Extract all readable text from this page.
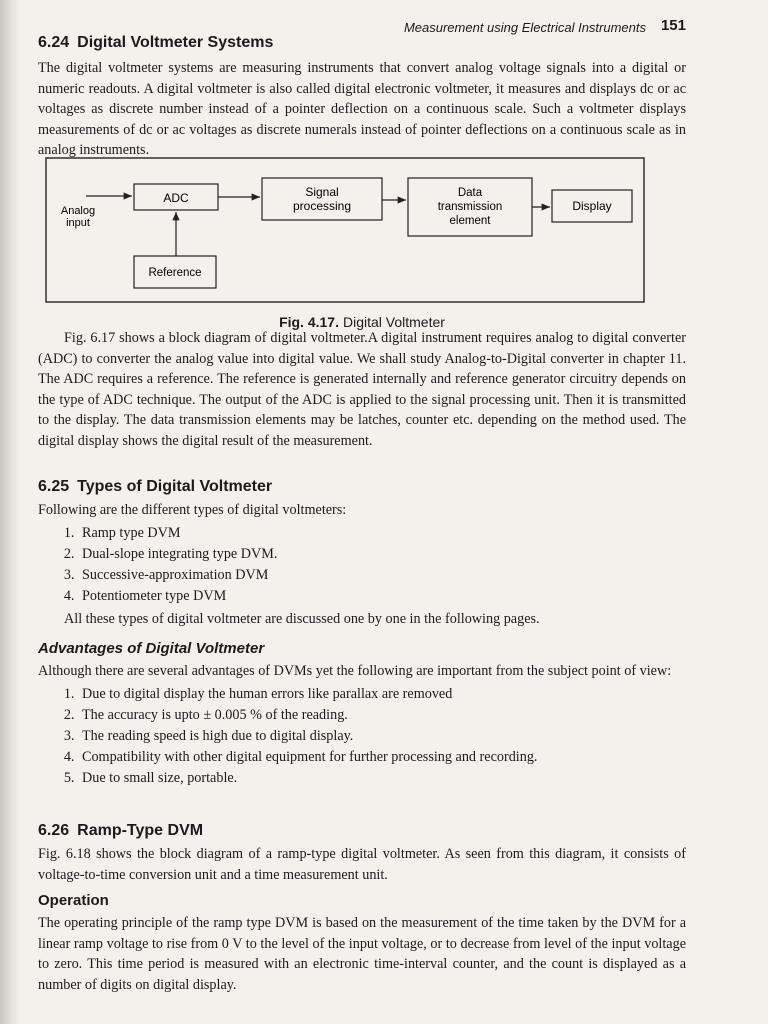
Measurement using Electrical Instruments 151
6.24 Digital Voltmeter Systems

The digital voltmeter systems are measuring instruments that convert analog voltage signals into a digital or numeric readouts. A digital voltmeter is also called digital electronic voltmeter, it measures and displays dc or ac voltages as discrete number instead of a pointer deflection on a continuous scale. Such a voltmeter displays measurements of dc or ac voltages as discrete numerals instead of pointer deflections on a continuous scale as in analog instruments.

Analog
input
ADC	Signal
processing
Data
transmission
element
Display
Reference
Fig. 4.17. Digital Voltmeter

Fig. 6.17 shows a block diagram of digital voltmeter.A digital instrument requires analog to digital converter (ADC) to converter the analog value into digital value. We shall study Analog-to-Digital converter in chapter 11. The ADC requires a reference. The reference is generated internally and reference generator circuitry depends on the type of ADC technique. The output of the ADC is applied to the signal processing unit. Then it is transmitted to the display. The data transmission elements may be latches, counter etc. depending on the method used. The digital display shows the digital result of the measurement.

6.25 Types of Digital Voltmeter

Following are the different types of digital voltmeters:

1. Ramp type DVM
2. Dual-slope integrating type DVM.
3. Successive-approximation DVM
4. Potentiometer type DVM

All these types of digital voltmeter are discussed one by one in the following pages.

Advantages of Digital Voltmeter

Although there are several advantages of DVMs yet the following are important from the subject point of view:

1. Due to digital display the human errors like parallax are removed
2. The accuracy is upto ± 0.005 % of the reading.
3. The reading speed is high due to digital display.
4. Compatibility with other digital equipment for further processing and recording.
5. Due to small size, portable.
6.26 Ramp-Type DVM

Fig. 6.18 shows the block diagram of a ramp-type digital voltmeter. As seen from this diagram, it consists of voltage-to-time conversion unit and a time measurement unit.

Operation

The operating principle of the ramp type DVM is based on the measurement of the time taken by the DVM for a linear ramp voltage to rise from 0 V to the level of the input voltage, or to decrease from level of the input voltage to zero. This time period is measured with an electronic time-interval counter, and the count is displayed as a number of digits on digital display.
